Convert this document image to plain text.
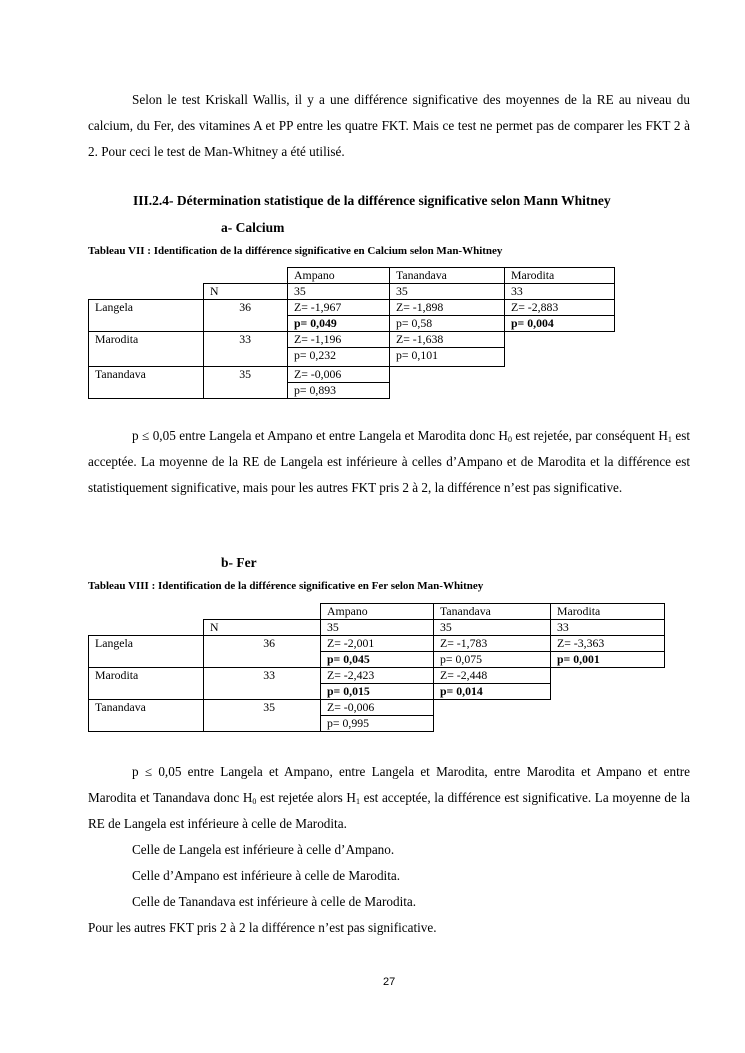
Selon le test Kriskall Wallis, il y a une différence significative des moyennes de la RE au niveau du calcium, du Fer, des vitamines A et PP entre les quatre FKT. Mais ce test ne permet pas de comparer les FKT 2 à 2. Pour ceci le test de Man-Whitney a été utilisé.
III.2.4- Détermination statistique de la différence significative selon Mann Whitney
a- Calcium
Tableau VII : Identification de la différence significative en Calcium selon Man-Whitney
		Ampano	Tanandava	Marodita
	N	35	35	33
Langela	36	Z= -1,967	Z= -1,898	Z= -2,883
		p= 0,049	p= 0,58	p= 0,004
Marodita	33	Z= -1,196	Z= -1,638	
		p= 0,232	p= 0,101	
Tanandava	35	Z= -0,006		
		p= 0,893		
p ≤ 0,05 entre Langela et Ampano et entre Langela et Marodita donc $H_0$ est rejetée, par conséquent $H_1$ est acceptée. La moyenne de la RE de Langela est inférieure à celles d’Ampano et de Marodita et la différence est statistiquement significative, mais pour les autres FKT pris 2 à 2, la différence n’est pas significative.
b- Fer
Tableau VIII : Identification de la différence significative en Fer selon Man-Whitney
		Ampano	Tanandava	Marodita
	N	35	35	33
Langela	36	Z= -2,001	Z= -1,783	Z= -3,363
		p= 0,045	p= 0,075	p= 0,001
Marodita	33	Z= -2,423	Z= -2,448	
		p= 0,015	p= 0,014	
Tanandava	35	Z= -0,006		
		p= 0,995		
p ≤ 0,05 entre Langela et Ampano, entre Langela et Marodita, entre Marodita et Ampano et entre Marodita et Tanandava donc $H_0$ est rejetée alors $H_1$ est acceptée, la différence est significative. La moyenne de la RE de Langela est inférieure à celle de Marodita.
Celle de Langela est inférieure à celle d’Ampano.
Celle d’Ampano est inférieure à celle de Marodita.
Celle de Tanandava est inférieure à celle de Marodita.
Pour les autres FKT pris 2 à 2 la différence n’est pas significative.
27
